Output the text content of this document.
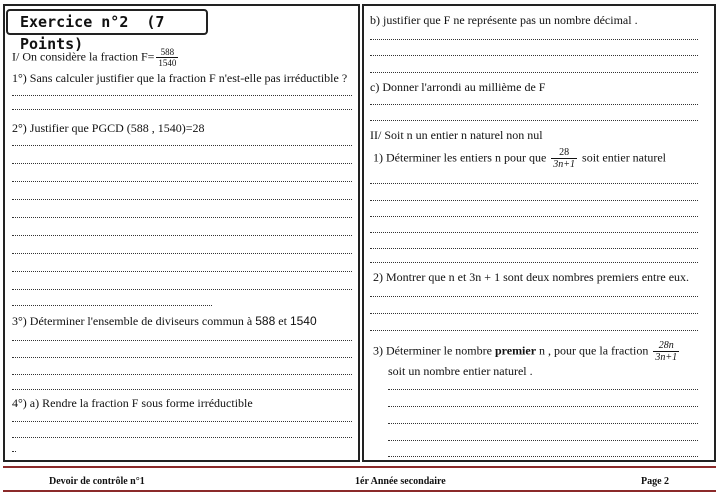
Exercice n°2 (7 Points)
I/ On considère la fraction $F= \frac{588}{1540}$
1°) Sans calculer justifier que la fraction F n'est-elle pas irréductible ?
2°) Justifier que PGCD (588 , 1540)=28
3°) Déterminer l'ensemble de diviseurs commun à 588 et 1540
4°) a) Rendre la fraction F sous forme irréductible
b) justifier que F ne représente pas un nombre décimal .
c) Donner l'arrondi au millième de F
II/ Soit n un entier n naturel non nul
1) Déterminer les entiers n pour que $\frac{28}{3n+1}$ soit entier naturel
2) Montrer que n et 3n + 1 sont deux nombres premiers entre eux.
3) Déterminer le nombre premier n , pour que la fraction $\frac{28n}{3n+1}$
soit un nombre entier naturel .
Devoir de contrôle n°1	1ér Année secondaire	Page 2
